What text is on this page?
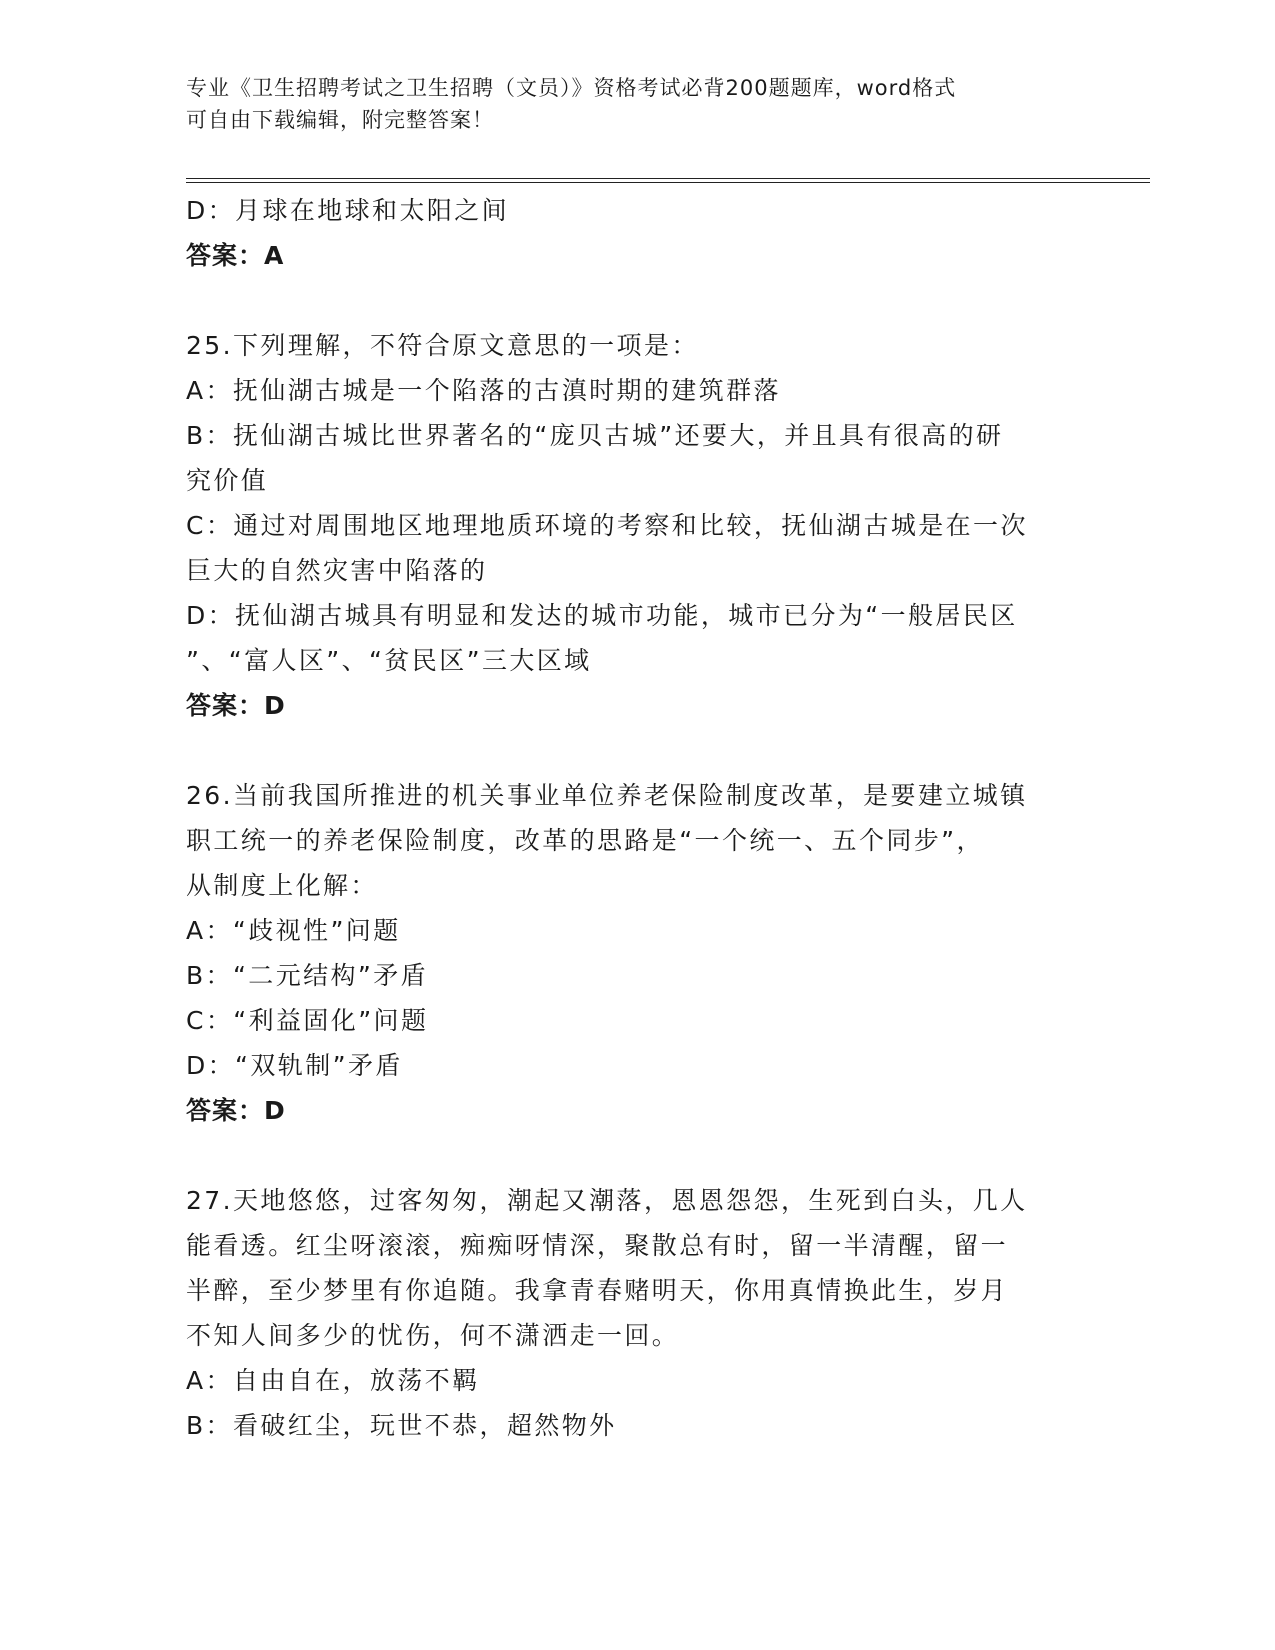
专业《卫生招聘考试之卫生招聘（文员）》资格考试必背200题题库，word格式
可自由下载编辑，附完整答案！
D：月球在地球和太阳之间
答案：A
25.下列理解，不符合原文意思的一项是：
A：抚仙湖古城是一个陷落的古滇时期的建筑群落
B：抚仙湖古城比世界著名的“庞贝古城”还要大，并且具有很高的研
究价值
C：通过对周围地区地理地质环境的考察和比较，抚仙湖古城是在一次
巨大的自然灾害中陷落的
D：抚仙湖古城具有明显和发达的城市功能，城市已分为“一般居民区
”、“富人区”、“贫民区”三大区域
答案：D
26.当前我国所推进的机关事业单位养老保险制度改革，是要建立城镇
职工统一的养老保险制度，改革的思路是“一个统一、五个同步”，
从制度上化解：
A：“歧视性”问题
B：“二元结构”矛盾
C：“利益固化”问题
D：“双轨制”矛盾
答案：D
27.天地悠悠，过客匆匆，潮起又潮落，恩恩怨怨，生死到白头，几人
能看透。红尘呀滚滚，痴痴呀情深，聚散总有时，留一半清醒，留一
半醉，至少梦里有你追随。我拿青春赌明天，你用真情换此生，岁月
不知人间多少的忧伤，何不潇洒走一回。
A：自由自在，放荡不羁
B：看破红尘，玩世不恭，超然物外
